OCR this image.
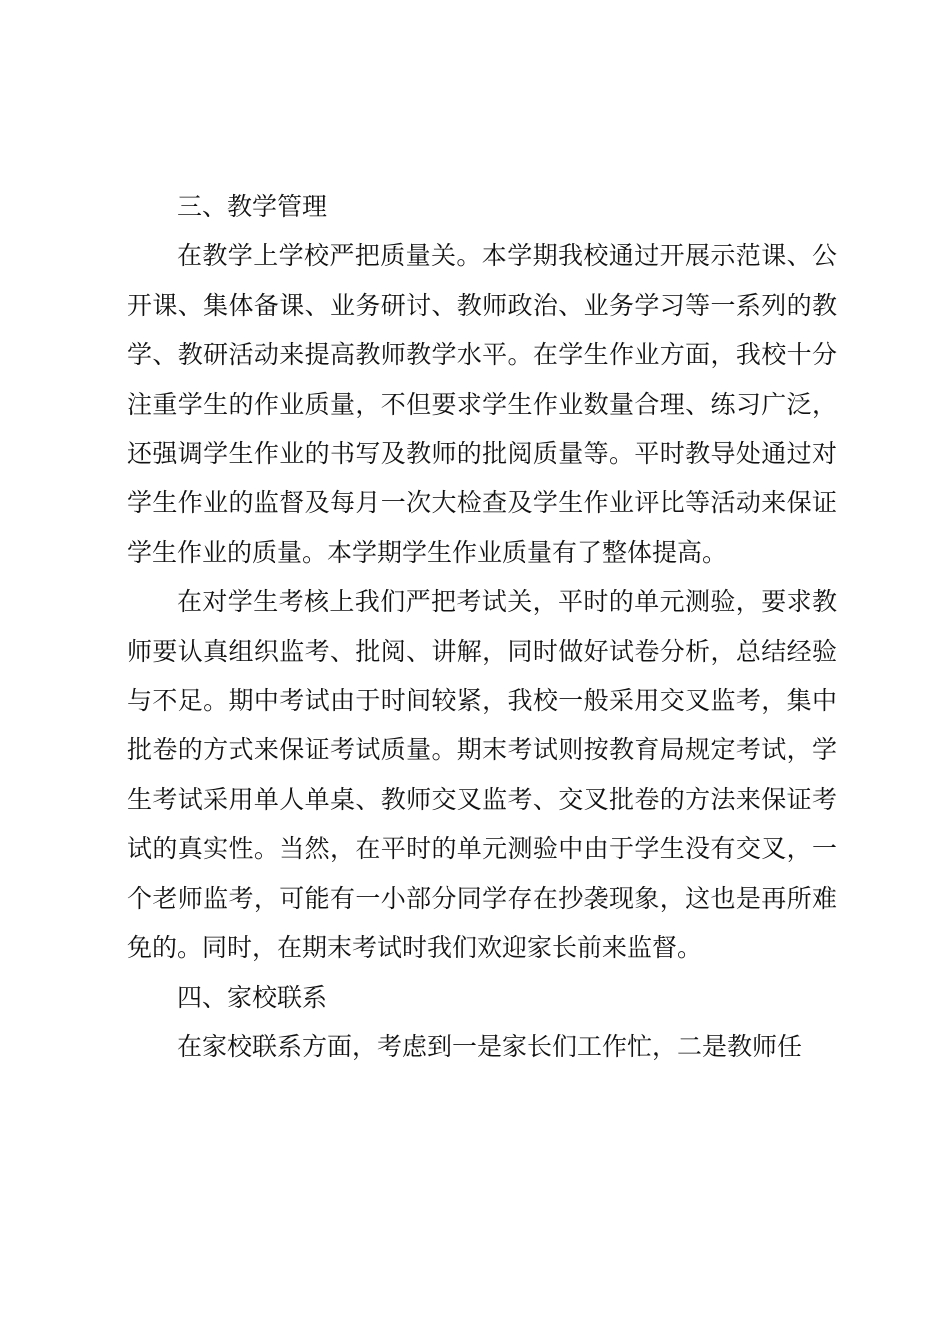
三、教学管理

在教学上学校严把质量关。本学期我校通过开展示范课、公开课、集体备课、业务研讨、教师政治、业务学习等一系列的教学、教研活动来提高教师教学水平。在学生作业方面，我校十分注重学生的作业质量，不但要求学生作业数量合理、练习广泛，还强调学生作业的书写及教师的批阅质量等。平时教导处通过对学生作业的监督及每月一次大检查及学生作业评比等活动来保证学生作业的质量。本学期学生作业质量有了整体提高。

在对学生考核上我们严把考试关，平时的单元测验，要求教师要认真组织监考、批阅、讲解，同时做好试卷分析，总结经验与不足。期中考试由于时间较紧，我校一般采用交叉监考，集中批卷的方式来保证考试质量。期末考试则按教育局规定考试，学生考试采用单人单桌、教师交叉监考、交叉批卷的方法来保证考试的真实性。当然，在平时的单元测验中由于学生没有交叉，一个老师监考，可能有一小部分同学存在抄袭现象，这也是再所难免的。同时，在期末考试时我们欢迎家长前来监督。

四、家校联系

在家校联系方面，考虑到一是家长们工作忙，二是教师任
